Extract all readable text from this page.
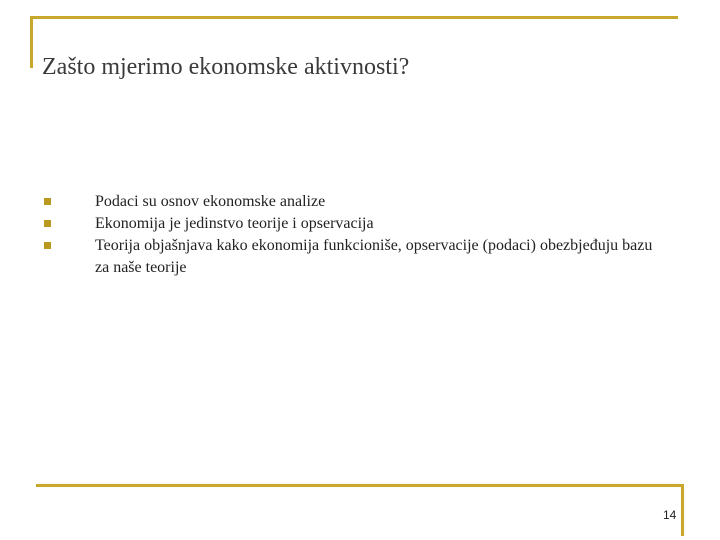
Zašto mjerimo ekonomske aktivnosti?
Podaci su osnov ekonomske analize
Ekonomija je jedinstvo teorije i opservacija
Teorija objašnjava kako ekonomija funkcioniše, opservacije (podaci) obezbjeđuju bazu za naše teorije
14
